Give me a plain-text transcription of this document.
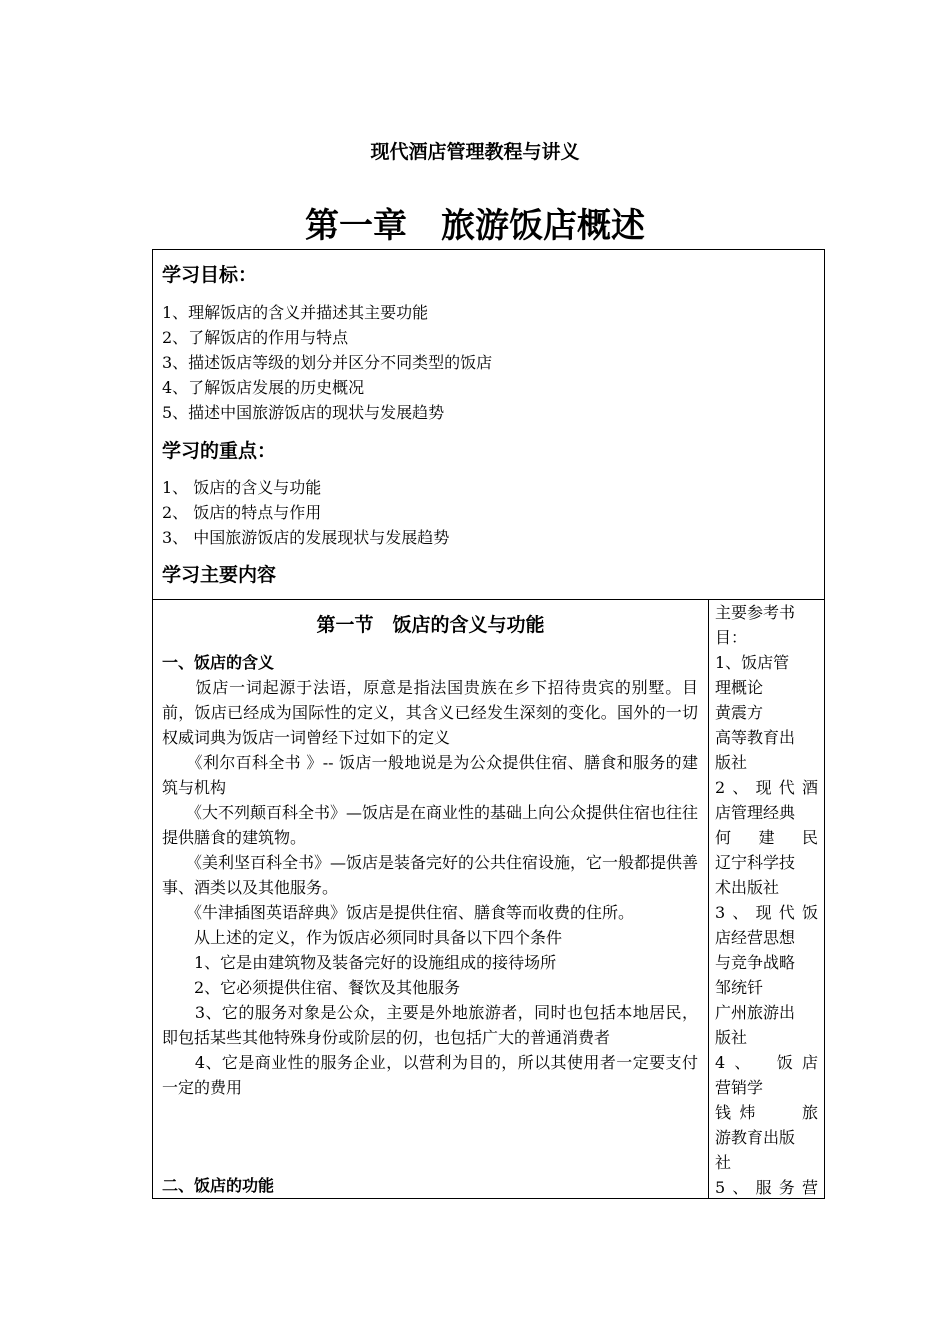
现代酒店管理教程与讲义
第一章　旅游饭店概述
学习目标：
1、理解饭店的含义并描述其主要功能
2、了解饭店的作用与特点
3、描述饭店等级的划分并区分不同类型的饭店
4、了解饭店发展的历史概况
5、描述中国旅游饭店的现状与发展趋势
学习的重点：
1、 饭店的含义与功能
2、 饭店的特点与作用
3、 中国旅游饭店的发展现状与发展趋势
学习主要内容
第一节　饭店的含义与功能
一、饭店的含义

　　饭店一词起源于法语，原意是指法国贵族在乡下招待贵宾的别墅。目前，饭店已经成为国际性的定义，其含义已经发生深刻的变化。国外的一切权威词典为饭店一词曾经下过如下的定义

　　《利尔百科全书 》-- 饭店一般地说是为公众提供住宿、膳食和服务的建筑与机构

　　《大不列颠百科全书》—饭店是在商业性的基础上向公众提供住宿也往往提供膳食的建筑物。

　　《美利坚百科全书》—饭店是装备完好的公共住宿设施，它一般都提供善事、酒类以及其他服务。

　　《牛津插图英语辞典》饭店是提供住宿、膳食等而收费的住所。

　　从上述的定义，作为饭店必须同时具备以下四个条件

　　1、它是由建筑物及装备完好的设施组成的接待场所

　　2、它必须提供住宿、餐饮及其他服务

　　3、它的服务对象是公众，主要是外地旅游者，同时也包括本地居民，即包括某些其他特殊身份或阶层的仞，也包括广大的普通消费者

　　4、它是商业性的服务企业，以营利为目的，所以其使用者一定要支付一定的费用

二、饭店的功能
主要参考书
目：
1、饭店管
理概论
黄震方
高等教育出
版社
2、现代酒
店管理经典
何 建 民
辽宁科学技
术出版社
3、现代饭
店经营思想
与竞争战略
邹统钎
广州旅游出
版社
4、　饭店
营销学
钱炜　 旅
游教育出版
社
5、服务营
